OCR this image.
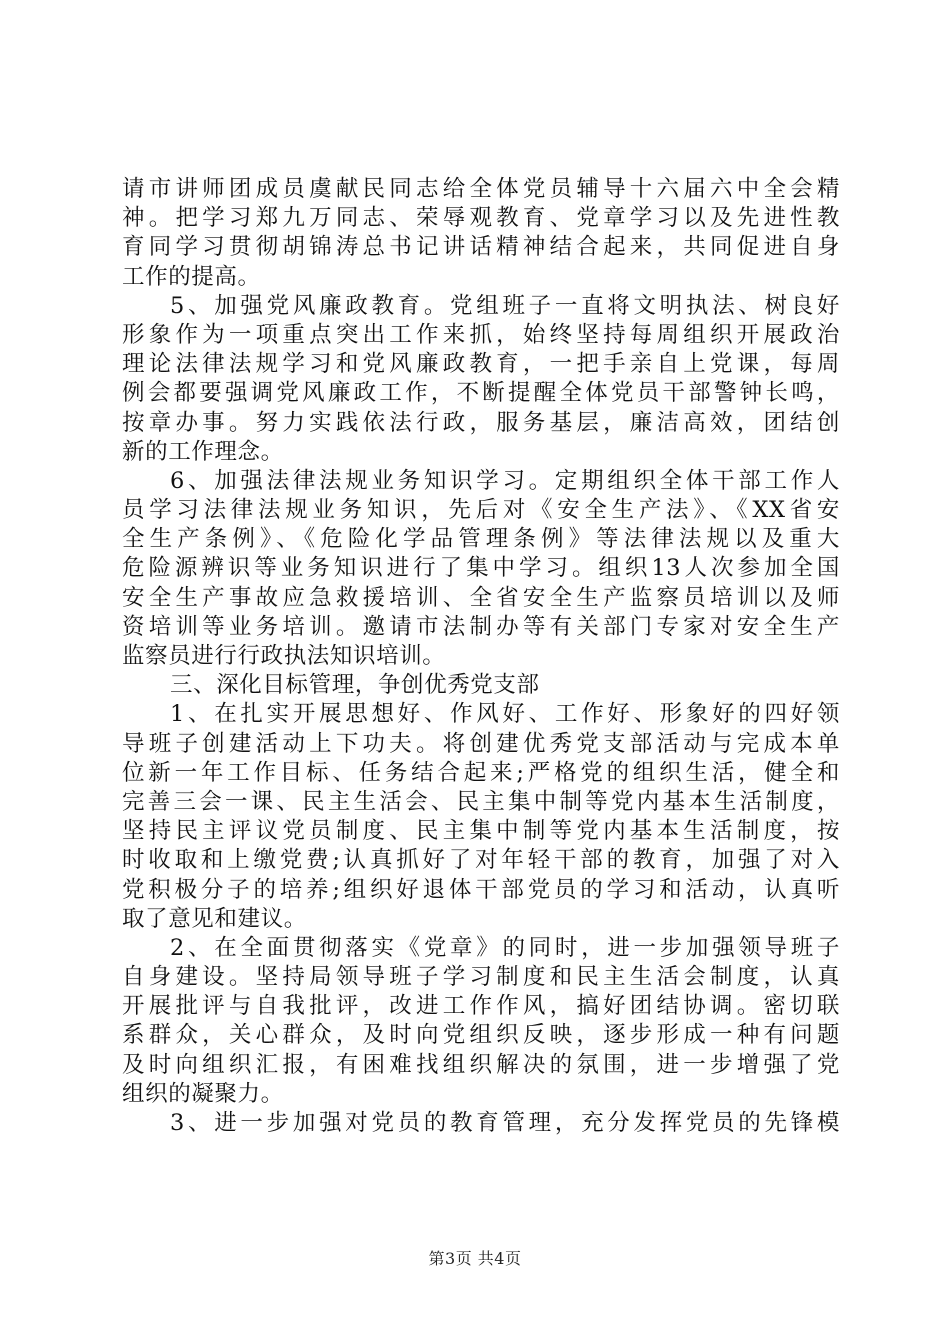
请市讲师团成员虞献民同志给全体党员辅导十六届六中全会精
神。把学习郑九万同志、荣辱观教育、党章学习以及先进性教
育同学习贯彻胡锦涛总书记讲话精神结合起来，共同促进自身
工作的提高。
5、加强党风廉政教育。党组班子一直将文明执法、树良好
形象作为一项重点突出工作来抓，始终坚持每周组织开展政治
理论法律法规学习和党风廉政教育，一把手亲自上党课，每周
例会都要强调党风廉政工作，不断提醒全体党员干部警钟长鸣，
按章办事。努力实践依法行政，服务基层，廉洁高效，团结创
新的工作理念。
6、加强法律法规业务知识学习。定期组织全体干部工作人
员学习法律法规业务知识，先后对《安全生产法》、《XX省安
全生产条例》、《危险化学品管理条例》等法律法规以及重大
危险源辨识等业务知识进行了集中学习。组织13人次参加全国
安全生产事故应急救援培训、全省安全生产监察员培训以及师
资培训等业务培训。邀请市法制办等有关部门专家对安全生产
监察员进行行政执法知识培训。
三、深化目标管理，争创优秀党支部
1、在扎实开展思想好、作风好、工作好、形象好的四好领
导班子创建活动上下功夫。将创建优秀党支部活动与完成本单
位新一年工作目标、任务结合起来;严格党的组织生活，健全和
完善三会一课、民主生活会、民主集中制等党内基本生活制度，
坚持民主评议党员制度、民主集中制等党内基本生活制度，按
时收取和上缴党费;认真抓好了对年轻干部的教育，加强了对入
党积极分子的培养;组织好退体干部党员的学习和活动，认真听
取了意见和建议。
2、在全面贯彻落实《党章》的同时，进一步加强领导班子
自身建设。坚持局领导班子学习制度和民主生活会制度，认真
开展批评与自我批评，改进工作作风，搞好团结协调。密切联
系群众，关心群众，及时向党组织反映，逐步形成一种有问题
及时向组织汇报，有困难找组织解决的氛围，进一步增强了党
组织的凝聚力。
3、进一步加强对党员的教育管理，充分发挥党员的先锋模
第3页 共4页
